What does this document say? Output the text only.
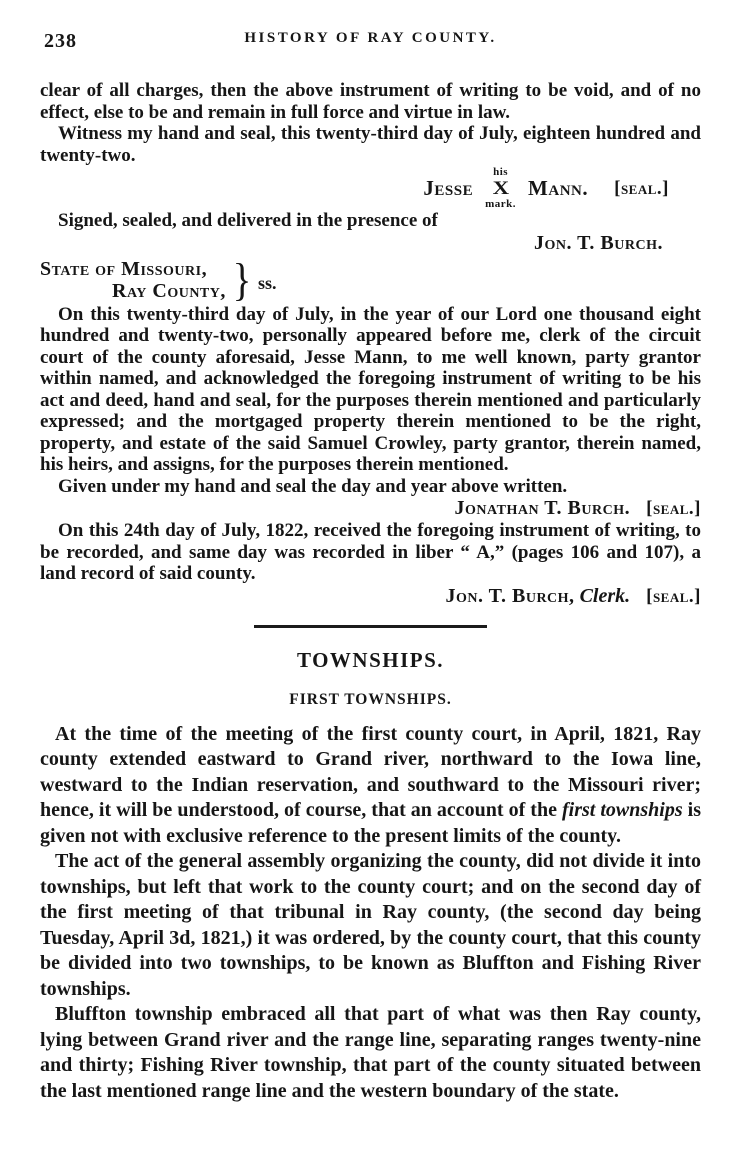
238	HISTORY OF RAY COUNTY.

clear of all charges, then the above instrument of writing to be void, and of no effect, else to be and remain in full force and virtue in law.

Witness my hand and seal, this twenty-third day of July, eighteen hundred and twenty-two.

Jesse
his
X
mark.
Mann. [seal.]

Signed, sealed, and delivered in the presence of

Jon. T. Burch.

State of Missouri,
Ray County, } ss.

On this twenty-third day of July, in the year of our Lord one thousand eight hundred and twenty-two, personally appeared before me, clerk of the circuit court of the county aforesaid, Jesse Mann, to me well known, party grantor within named, and acknowledged the foregoing instrument of writing to be his act and deed, hand and seal, for the purposes therein mentioned and particularly expressed; and the mortgaged property therein mentioned to be the right, property, and estate of the said Samuel Crowley, party grantor, therein named, his heirs, and assigns, for the purposes therein mentioned.

Given under my hand and seal the day and year above written.

Jonathan T. Burch. [seal.]

On this 24th day of July, 1822, received the foregoing instrument of writing, to be recorded, and same day was recorded in liber “ A,” (pages 106 and 107), a land record of said county.

Jon. T. Burch, Clerk. [seal.]

TOWNSHIPS.
FIRST TOWNSHIPS.

At the time of the meeting of the first county court, in April, 1821, Ray county extended eastward to Grand river, northward to the Iowa line, westward to the Indian reservation, and southward to the Missouri river; hence, it will be understood, of course, that an account of the first townships is given not with exclusive reference to the present limits of the county.

The act of the general assembly organizing the county, did not divide it into townships, but left that work to the county court; and on the second day of the first meeting of that tribunal in Ray county, (the second day being Tuesday, April 3d, 1821,) it was ordered, by the county court, that this county be divided into two townships, to be known as Bluffton and Fishing River townships.

Bluffton township embraced all that part of what was then Ray county, lying between Grand river and the range line, separating ranges twenty-nine and thirty; Fishing River township, that part of the county situated between the last mentioned range line and the western boundary of the state.
